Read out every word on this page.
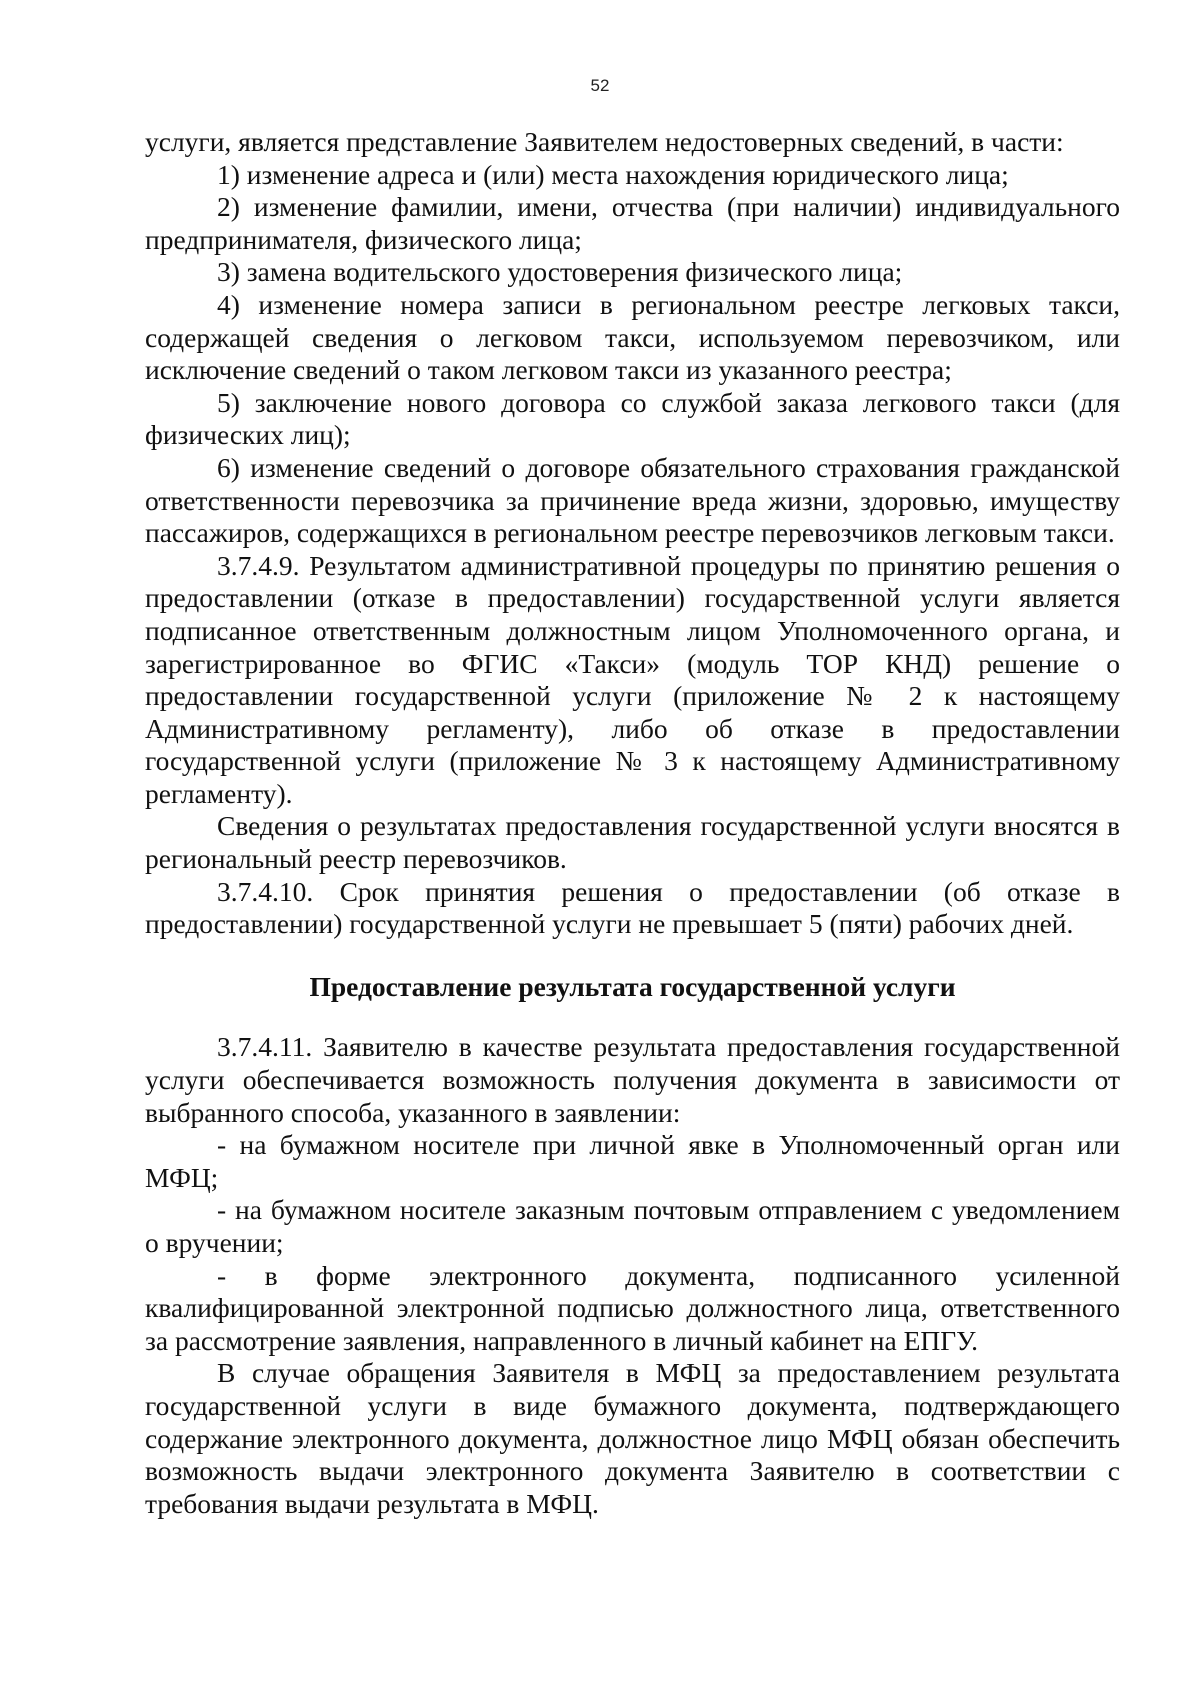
52

услуги, является представление Заявителем недостоверных сведений, в части:

1) изменение адреса и (или) места нахождения юридического лица;

2) изменение фамилии, имени, отчества (при наличии) индивидуального предпринимателя, физического лица;

3) замена водительского удостоверения физического лица;

4) изменение номера записи в региональном реестре легковых такси, содержащей сведения о легковом такси, используемом перевозчиком, или исключение сведений о таком легковом такси из указанного реестра;

5) заключение нового договора со службой заказа легкового такси (для физических лиц);

6) изменение сведений о договоре обязательного страхования гражданской ответственности перевозчика за причинение вреда жизни, здоровью, имуществу пассажиров, содержащихся в региональном реестре перевозчиков легковым такси.

3.7.4.9. Результатом административной процедуры по принятию решения о предоставлении (отказе в предоставлении) государственной услуги является подписанное ответственным должностным лицом Уполномоченного органа, и зарегистрированное во ФГИС «Такси» (модуль ТОР КНД) решение о предоставлении государственной услуги (приложение № 2 к настоящему Административному регламенту), либо об отказе в предоставлении государственной услуги (приложение № 3 к настоящему Административному регламенту).

Сведения о результатах предоставления государственной услуги вносятся в региональный реестр перевозчиков.

3.7.4.10. Срок принятия решения о предоставлении (об отказе в предоставлении) государственной услуги не превышает 5 (пяти) рабочих дней.

Предоставление результата государственной услуги

3.7.4.11. Заявителю в качестве результата предоставления государственной услуги обеспечивается возможность получения документа в зависимости от выбранного способа, указанного в заявлении:

- на бумажном носителе при личной явке в Уполномоченный орган или МФЦ;

- на бумажном носителе заказным почтовым отправлением с уведомлением о вручении;

- в форме электронного документа, подписанного усиленной квалифицированной электронной подписью должностного лица, ответственного за рассмотрение заявления, направленного в личный кабинет на ЕПГУ.

В случае обращения Заявителя в МФЦ за предоставлением результата государственной услуги в виде бумажного документа, подтверждающего содержание электронного документа, должностное лицо МФЦ обязан обеспечить возможность выдачи электронного документа Заявителю в соответствии с требования выдачи результата в МФЦ.
